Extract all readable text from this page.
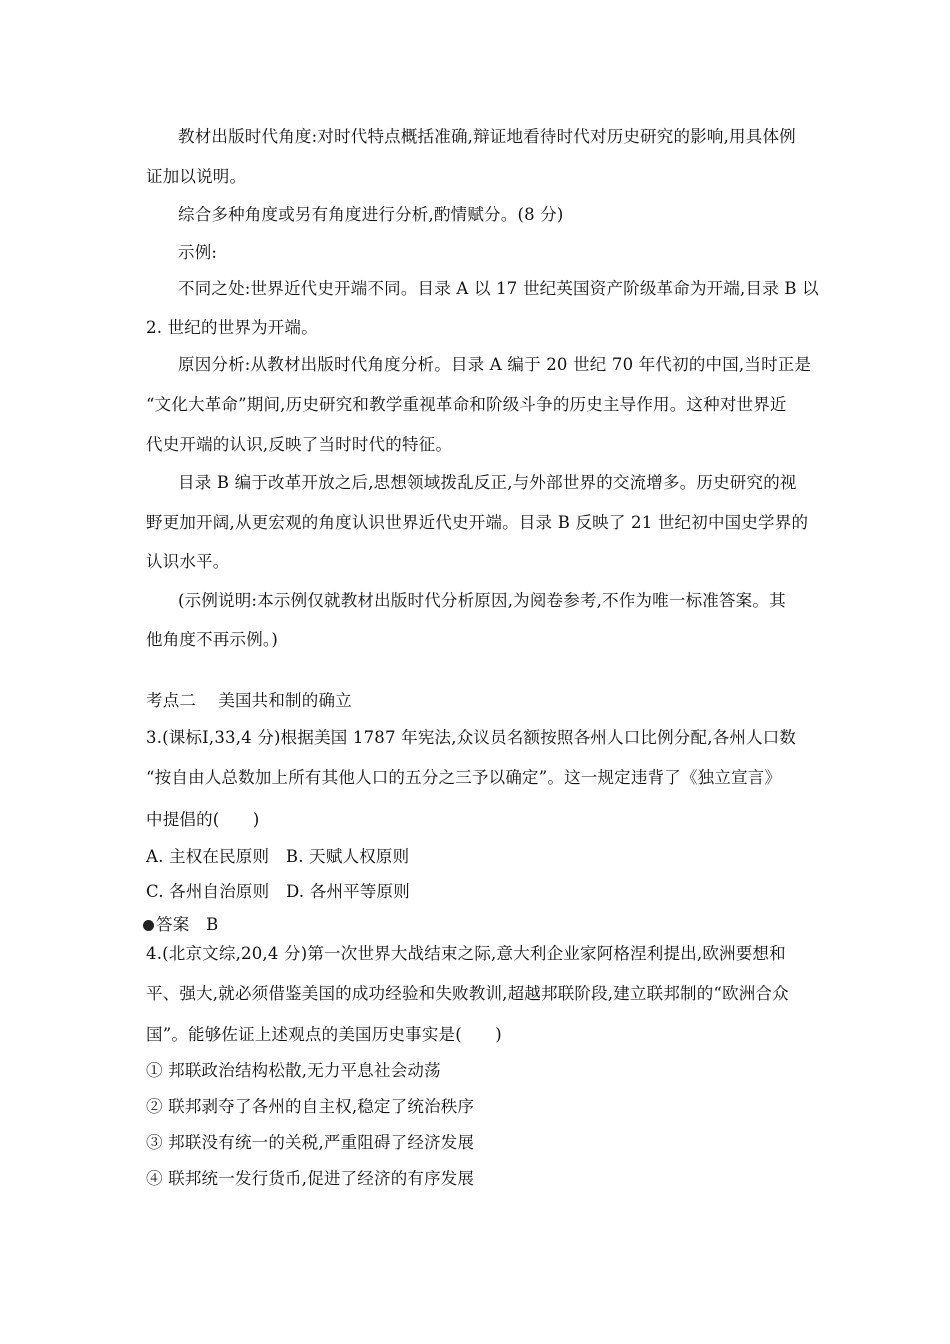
教材出版时代角度:对时代特点概括准确,辩证地看待时代对历史研究的影响,用具体例
证加以说明。
综合多种角度或另有角度进行分析,酌情赋分。(8 分)
示例:
不同之处:世界近代史开端不同。目录 A 以 17 世纪英国资产阶级革命为开端,目录 B 以
2. 世纪的世界为开端。
原因分析:从教材出版时代角度分析。目录 A 编于 20 世纪 70 年代初的中国,当时正是
“文化大革命”期间,历史研究和教学重视革命和阶级斗争的历史主导作用。这种对世界近
代史开端的认识,反映了当时时代的特征。
目录 B 编于改革开放之后,思想领域拨乱反正,与外部世界的交流增多。历史研究的视
野更加开阔,从更宏观的角度认识世界近代史开端。目录 B 反映了 21 世纪初中国史学界的
认识水平。
(示例说明:本示例仅就教材出版时代分析原因,为阅卷参考,不作为唯一标准答案。其
他角度不再示例。)
考点二　 美国共和制的确立
3.(课标Ⅰ,33,4 分)根据美国 1787 年宪法,众议员名额按照各州人口比例分配,各州人口数
“按自由人总数加上所有其他人口的五分之三予以确定”。这一规定违背了《独立宣言》
中提倡的(　　)
A. 主权在民原则　B. 天赋人权原则
C. 各州自治原则　D. 各州平等原则
答案　B
4.(北京文综,20,4 分)第一次世界大战结束之际,意大利企业家阿格涅利提出,欧洲要想和
平、强大,就必须借鉴美国的成功经验和失败教训,超越邦联阶段,建立联邦制的“欧洲合众
国”。能够佐证上述观点的美国历史事实是(　　)
① 邦联政治结构松散,无力平息社会动荡
② 联邦剥夺了各州的自主权,稳定了统治秩序
③ 邦联没有统一的关税,严重阻碍了经济发展
④ 联邦统一发行货币,促进了经济的有序发展
